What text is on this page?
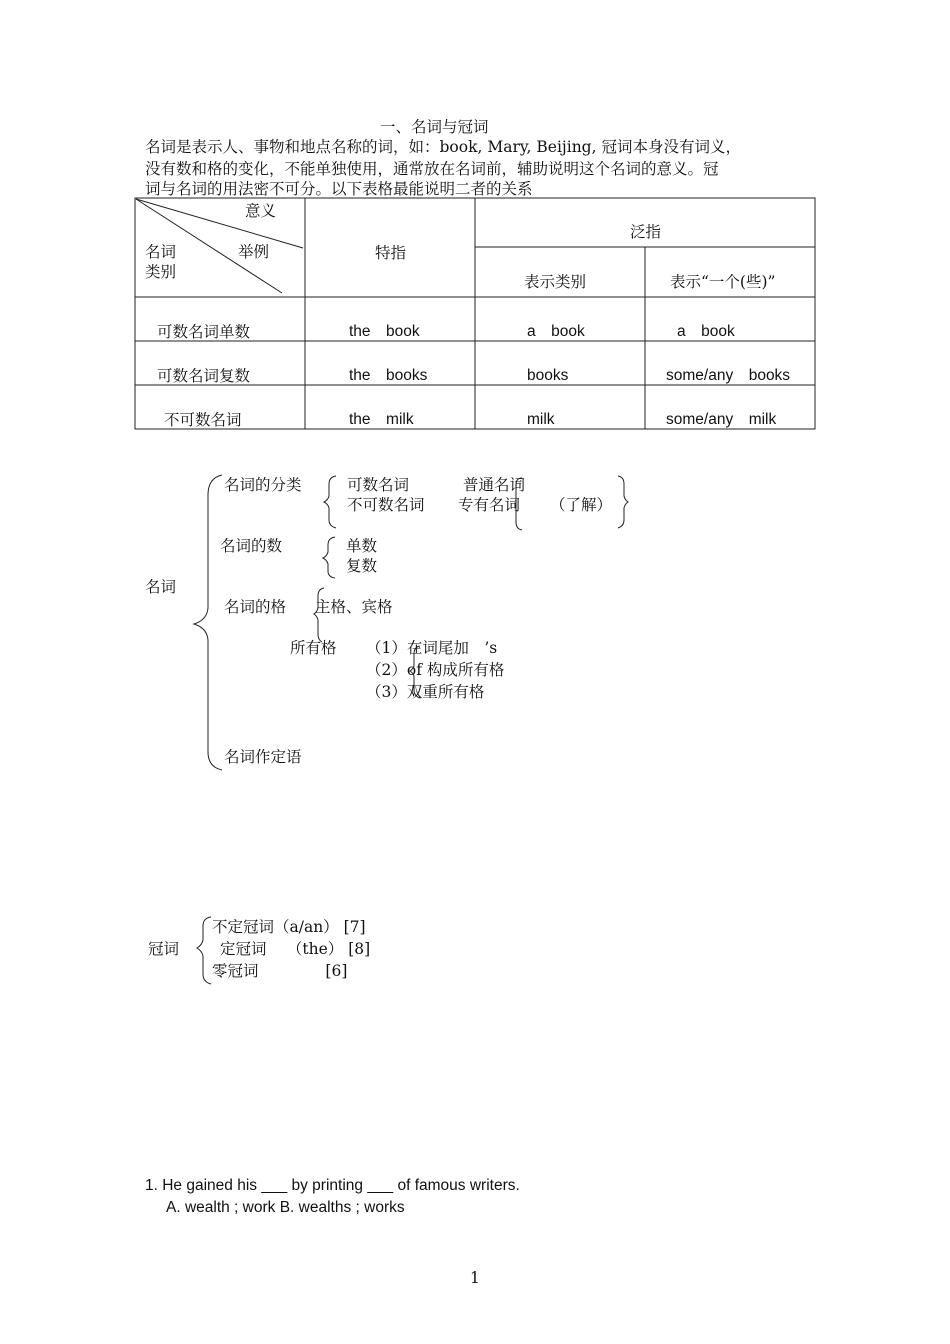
一、名词与冠词
名词是表示人、事物和地点名称的词，如：book, Mary, Beijing, 冠词本身没有词义，
没有数和格的变化，不能单独使用，通常放在名词前，辅助说明这个名词的意义。冠
词与名词的用法密不可分。以下表格最能说明二者的关系
意义
举例
名词
类别
特指
泛指
表示类别	表示“一个(些)”
可数名词单数	the　book	a　book	a　book
可数名词复数	the　books	books	some/any　books
不可数名词	the　milk	milk	some/any　milk
名词
名词的分类	可数名词
不可数名词
普通名词
专有名词 （了解）
名词的数	单数
复数
名词的格 主格、宾格
所有格 （1）在词尾加　’s
（2）of 构成所有格
（3）双重所有格
名词作定语
冠词
不定冠词（a/an） [7]
定冠词　 （the） [8]
零冠词　　　　 [6]
1. He gained his ___ by printing ___ of famous writers.
A. wealth ; work B. wealths ; works
1
